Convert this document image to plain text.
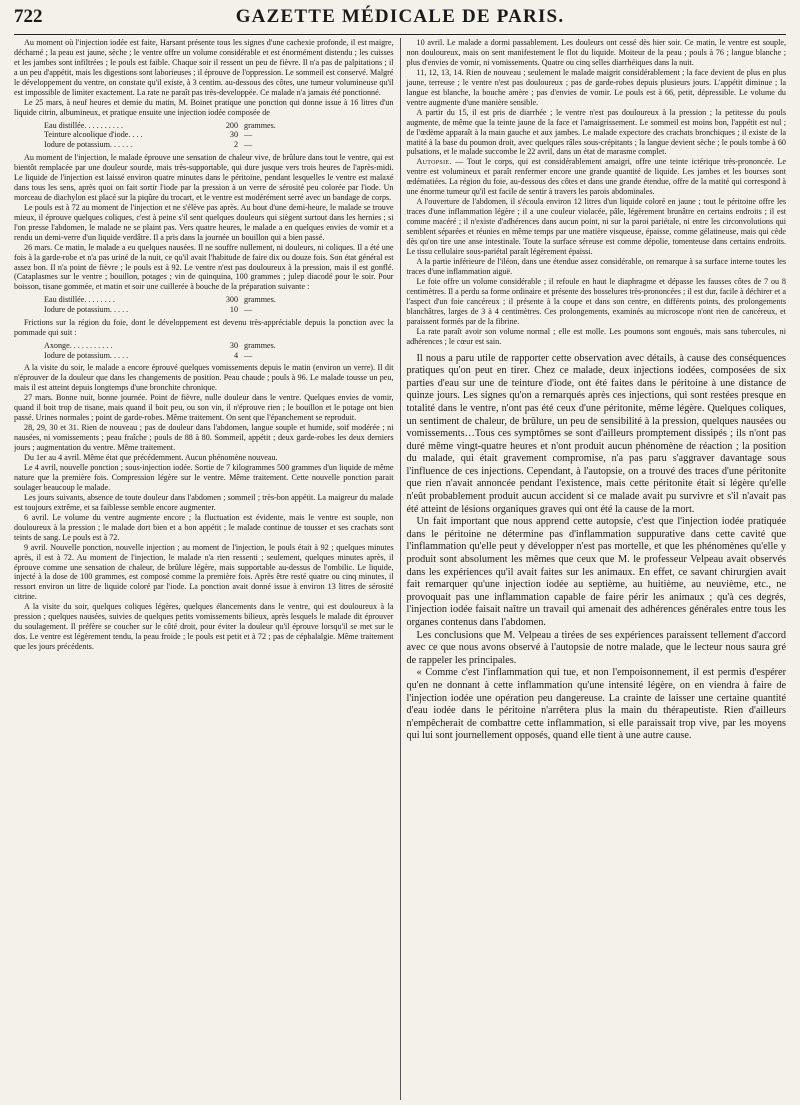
722	GAZETTE MÉDICALE DE PARIS.

Au moment où l'injection iodée est faite, Harsant présente tous les signes d'une cachexie profonde, il est maigre, décharné ; la peau est jaune, sèche ; le ventre offre un volume considérable et est énormément distendu ; les cuisses et les jambes sont infiltrées ; le pouls est faible. Chaque soir il ressent un peu de fièvre. Il n'a pas de palpitations ; il a un peu d'appétit, mais les digestions sont laborieuses ; il éprouve de l'oppression. Le sommeil est conservé. Malgré le développement du ventre, on constate qu'il existe, à 3 centim. au-dessous des côtes, une tumeur volumineuse qu'il est impossible de limiter exactement. La rate ne paraît pas très-developpée. Ce malade n'a jamais été ponctionné.

Le 25 mars, à neuf heures et demie du matin, M. Boinet pratique une ponction qui donne issue à 16 litres d'un liquide citrin, albumineux, et pratique ensuite une injection iodée composée de

Eau distillée. . . . . . . . . .	200 grammes.
Teinture alcoolique d'iode. . . .	30 —
Iodure de potassium. . . . . .	2 —

Au moment de l'injection, le malade éprouve une sensation de chaleur vive, de brûlure dans tout le ventre, qui est bientôt remplacée par une douleur sourde, mais très-supportable, qui dure jusque vers trois heures de l'après-midi. Le liquide de l'injection est laissé environ quatre minutes dans le péritoine, pendant lesquelles le ventre est malaxé dans tous les sens, après quoi on fait sortir l'iode par la pression à un verre de sérosité peu colorée par l'iode. Un morceau de diachylon est placé sur la piqûre du trocart, et le ventre est modérément serré avec un bandage de corps.

Le pouls est à 72 au moment de l'injection et ne s'élève pas après. Au bout d'une demi-heure, le malade se trouve mieux, il éprouve quelques coliques, c'est à peine s'il sent quelques douleurs qui siègent surtout dans les hernies ; si l'on presse l'abdomen, le malade ne se plaint pas. Vers quatre heures, le malade a en quelques envies de vomir et a rendu un demi-verre d'un liquide verdâtre. Il a pris dans la journée un bouillon qui a bien passé.

26 mars. Ce matin, le malade a eu quelques nausées. Il ne souffre nullement, ni douleurs, ni coliques. Il a été une fois à la garde-robe et n'a pas uriné de la nuit, ce qu'il avait l'habitude de faire dix ou douze fois. Son état général est assez bon. Il n'a point de fièvre ; le pouls est à 92. Le ventre n'est pas douloureux à la pression, mais il est gonflé. (Cataplasmes sur le ventre ; bouillon, potages ; vin de quinquina, 100 grammes ; julep diacodé pour le soir. Pour boisson, tisane gommée, et matin et soir une cuillerée à bouche de la préparation suivante :

Eau distillée. . . . . . . .	300 grammes.
Iodure de potassium. . . . .	10 —

Frictions sur la région du foie, dont le développement est devenu très-appréciable depuis la ponction avec la pommade qui suit :

Axonge. . . . . . . . . . .	30 grammes.
Iodure de potassium. . . . .	4 —

A la visite du soir, le malade a encore éprouvé quelques vomissements depuis le matin (environ un verre). Il dit n'éprouver de la douleur que dans les changements de position. Peau chaude ; pouls à 96. Le malade tousse un peu, mais il est atteint depuis longtemps d'une bronchite chronique.

27 mars. Bonne nuit, bonne journée. Point de fièvre, nulle douleur dans le ventre. Quelques envies de vomir, quand il boit trop de tisane, mais quand il boit peu, ou son vin, il n'éprouve rien ; le bouillon et le potage ont bien passé. Urines normales ; point de garde-robes. Même traitement. On sent que l'épanchement se reproduit.

28, 29, 30 et 31. Rien de nouveau ; pas de douleur dans l'abdomen, langue souple et humide, soif modérée ; ni nausées, ni vomissements ; peau fraîche ; pouls de 88 à 80. Sommeil, appétit ; deux garde-robes les deux derniers jours ; augmentation du ventre. Même traitement.

Du 1er au 4 avril. Même état que précédemment. Aucun phénomène nouveau.

Le 4 avril, nouvelle ponction ; sous-injection iodée. Sortie de 7 kilogrammes 500 grammes d'un liquide de même nature que la première fois. Compression légère sur le ventre. Même traitement. Cette nouvelle ponction parait soulager beaucoup le malade.

Les jours suivants, absence de toute douleur dans l'abdomen ; sommeil ; très-bon appétit. La maigreur du malade est toujours extrême, et sa faiblesse semble encore augmenter.

6 avril. Le volume du ventre augmente encore ; la fluctuation est évidente, mais le ventre est souple, non douloureux à la pression ; le malade dort bien et a bon appétit ; le malade continue de tousser et ses crachats sont teints de sang. Le pouls est à 72.

9 avril. Nouvelle ponction, nouvelle injection ; au moment de l'injection, le pouls était à 92 ; quelques minutes après, il est à 72. Au moment de l'injection, le malade n'a rien ressenti ; seulement, quelques minutes après, il éprouve comme une sensation de chaleur, de brûlure légère, mais supportable au-dessus de l'ombilic. Le liquide, injecté à la dose de 100 grammes, est composé comme la première fois. Après être resté quatre ou cinq minutes, il ressort environ un litre de liquide coloré par l'iode. La ponction avait donné issue à environ 13 litres de sérosité citrine.

A la visite du soir, quelques coliques légères, quelques élancements dans le ventre, qui est douloureux à la pression ; quelques nausées, suivies de quelques petits vomissements bilieux, après lesquels le malade dit éprouver du soulagement. Il préfère se coucher sur le côté droit, pour éviter la douleur qu'il éprouve lorsqu'il se met sur le dos. Le ventre est légèrement tendu, la peau froide ; le pouls est petit et à 72 ; pas de céphalalgie. Même traitement que les jours précédents.

10 avril. Le malade a dormi passablement. Les douleurs ont cessé dès hier soir. Ce matin, le ventre est souple, non douloureux, mais on sent manifestement le flot du liquide. Moiteur de la peau ; pouls à 76 ; langue blanche ; plus d'envies de vomir, ni vomissements. Quatre ou cinq selles diarrhéiques dans la nuit.

11, 12, 13, 14. Rien de nouveau ; seulement le malade maigrit considérablement ; la face devient de plus en plus jaune, terreuse ; le ventre n'est pas douloureux ; pas de garde-robes depuis plusieurs jours. L'appétit diminue ; la langue est blanche, la bouche amère ; pas d'envies de vomir. Le pouls est à 66, petit, dépressible. Le volume du ventre augmente d'une manière sensible.

A partir du 15, il est pris de diarrhée ; le ventre n'est pas douloureux à la pression ; la petitesse du pouls augmente, de même que la teinte jaune de la face et l'amaigrissement. Le sommeil est moins bon, l'appétit est nul ; de l'œdème apparaît à la main gauche et aux jambes. Le malade expectore des crachats bronchiques ; il existe de la matité à la base du poumon droit, avec quelques râles sous-crépitants ; la langue devient sèche ; le pouls tombe à 60 pulsations, et le malade succombe le 22 avril, dans un état de marasme complet.

Autopsie. — Tout le corps, qui est considérablement amaigri, offre une teinte ictérique très-prononcée. Le ventre est volumineux et paraît renfermer encore une grande quantité de liquide. Les jambes et les bourses sont œdématiées. La région du foie, au-dessous des côtes et dans une grande étendue, offre de la matité qui correspond à une énorme tumeur qu'il est facile de sentir à travers les parois abdominales.

A l'ouverture de l'abdomen, il s'écoula environ 12 litres d'un liquide coloré en jaune ; tout le péritoine offre les traces d'une inflammation légère ; il a une couleur violacée, pâle, légèrement brunâtre en certains endroits ; il est comme macéré ; il n'existe d'adhérences dans aucun point, ni sur la paroi pariétale, ni entre les circonvolutions qui semblent séparées et réunies en même temps par une matière visqueuse, épaisse, comme gélatineuse, mais qui cède dès qu'on tire une anse intestinale. Toute la surface séreuse est comme dépolie, tomenteuse dans certains endroits. Le tissu cellulaire sous-pariétal paraît légèrement épaissi.

A la partie inférieure de l'iléon, dans une étendue assez considérable, on remarque à sa surface interne toutes les traces d'une inflammation aiguë.

Le foie offre un volume considérable ; il refoule en haut le diaphragme et dépasse les fausses côtes de 7 ou 8 centimètres. Il a perdu sa forme ordinaire et présente des bosselures très-prononcées ; il est dur, facile à déchirer et a l'aspect d'un foie cancéreux ; il présente à la coupe et dans son centre, en différents points, des prolongements blanchâtres, larges de 3 à 4 centimètres. Ces prolongements, examinés au microscope n'ont rien de cancéreux, et paraissent formés par de la fibrine.

La rate paraît avoir son volume normal ; elle est molle. Les poumons sont engoués, mais sans tubercules, ni adhérences ; le cœur est sain.

Il nous a paru utile de rapporter cette observation avec détails, à cause des conséquences pratiques qu'on peut en tirer. Chez ce malade, deux injections iodées, composées de six parties d'eau sur une de teinture d'iode, ont été faites dans le péritoine à une distance de quinze jours. Les signes qu'on a remarqués après ces injections, qui sont restées presque en totalité dans le ventre, n'ont pas été ceux d'une péritonite, même légère. Quelques coliques, un sentiment de chaleur, de brûlure, un peu de sensibilité à la pression, quelques nausées ou vomissements…Tous ces symptômes se sont d'ailleurs promptement dissipés ; ils n'ont pas duré même vingt-quatre heures et n'ont produit aucun phénomène de réaction ; la position du malade, qui était gravement compromise, n'a pas paru s'aggraver davantage sous l'influence de ces injections. Cependant, à l'autopsie, on a trouvé des traces d'une péritonite que rien n'avait annoncée pendant l'existence, mais cette péritonite était si légère qu'elle n'eût probablement produit aucun accident si ce malade avait pu survivre et s'il n'avait pas été atteint de lésions organiques graves qui ont été la cause de la mort.

Un fait important que nous apprend cette autopsie, c'est que l'injection iodée pratiquée dans le péritoine ne détermine pas d'inflammation suppurative dans cette cavité que l'inflammation qu'elle peut y développer n'est pas mortelle, et que les phénomènes qu'elle y produit sont absolument les mêmes que ceux que M. le professeur Velpeau avait observés dans les expériences qu'il avait faites sur les animaux. En effet, ce savant chirurgien avait fait remarquer qu'une injection iodée au septième, au huitième, au neuvième, etc., ne provoquait pas une inflammation capable de faire périr les animaux ; qu'à ces degrés, l'injection iodée faisait naître un travail qui amenait des adhérences générales entre tous les organes contenus dans l'abdomen.

Les conclusions que M. Velpeau a tirées de ses expériences paraissent tellement d'accord avec ce que nous avons observé à l'autopsie de notre malade, que le lecteur nous saura gré de rappeler les principales.

« Comme c'est l'inflammation qui tue, et non l'empoisonnement, il est permis d'espérer qu'en ne donnant à cette inflammation qu'une intensité légère, on en viendra à faire de l'injection iodée une opération peu dangereuse. La crainte de laisser une certaine quantité d'eau iodée dans le péritoine n'arrêtera plus la main du thérapeutiste. Rien d'ailleurs n'empêcherait de combattre cette inflammation, si elle paraissait trop vive, par les moyens qui lui sont journellement opposés, quand elle tient à une autre cause.
